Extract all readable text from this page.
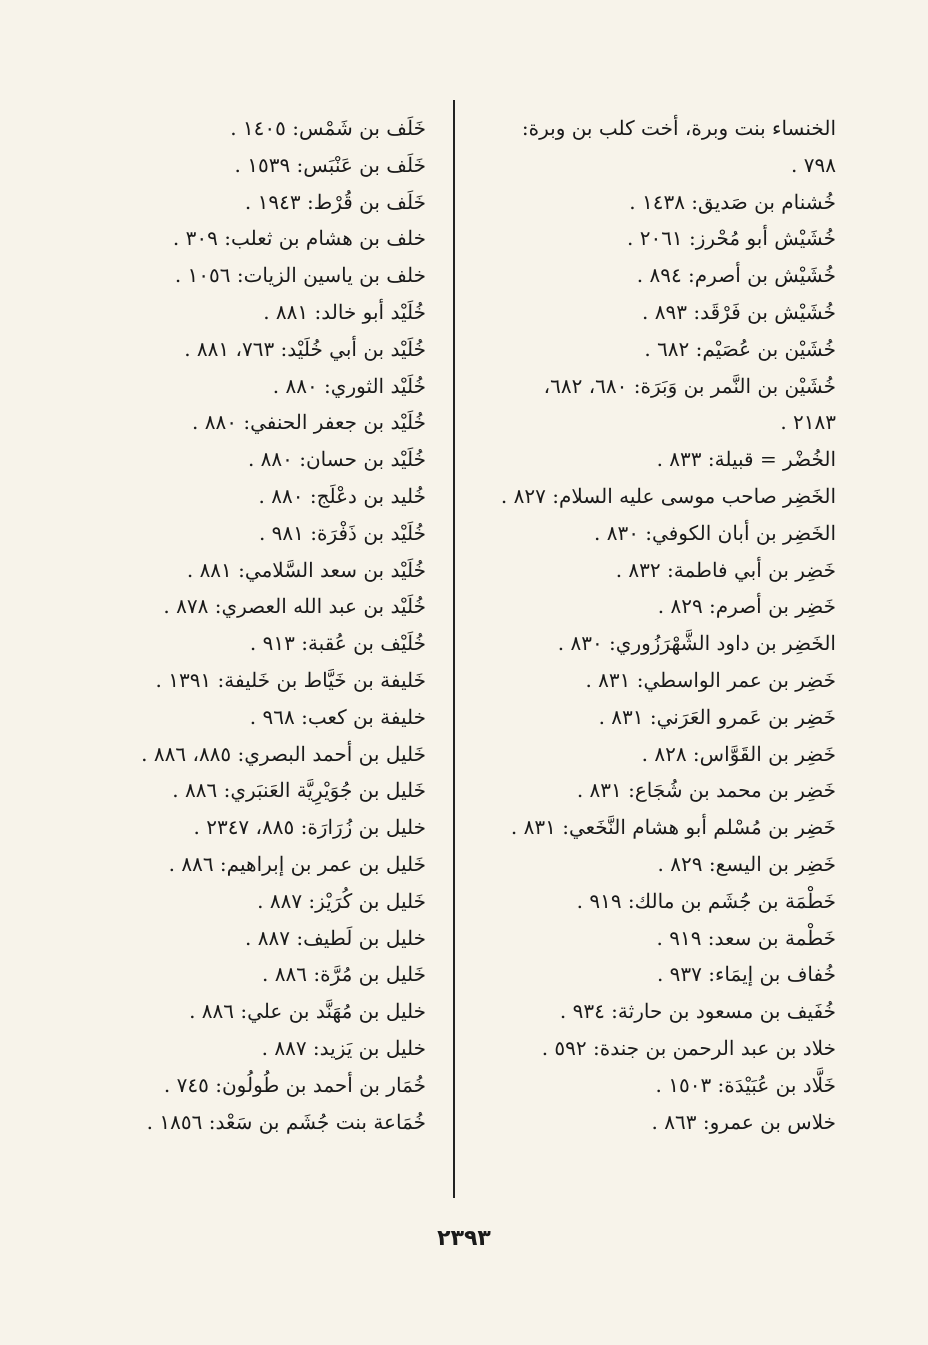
الخنساء بنت وبرة، أخت كلب بن وبرة:
٧٩٨ .
خُشنام بن صَديق: ١٤٣٨ .
خُشَيْش أبو مُحْرز: ٢٠٦١ .
خُشَيْش بن أصرم: ٨٩٤ .
خُشَيْش بن فَرْقَد: ٨٩٣ .
خُشَيْن بن عُصَيْم: ٦٨٢ .
خُشَيْن بن النَّمر بن وَبَرَة: ٦٨٠، ٦٨٢،
٢١٨٣ .
الخُضْر = قبيلة: ٨٣٣ .
الخَضِر صاحب موسى عليه السلام: ٨٢٧ .
الخَضِر بن أبان الكوفي: ٨٣٠ .
خَضِر بن أبي فاطمة: ٨٣٢ .
خَضِر بن أصرم: ٨٢٩ .
الخَضِر بن داود الشَّهْرَزُوري: ٨٣٠ .
خَضِر بن عمر الواسطي: ٨٣١ .
خَضِر بن عَمرو العَرَني: ٨٣١ .
خَضِر بن القَوَّاس: ٨٢٨ .
خَضِر بن محمد بن شُجَاع: ٨٣١ .
خَضِر بن مُسْلم أبو هشام النَّخَعي: ٨٣١ .
خَضِر بن اليسع: ٨٢٩ .
خَطْمَة بن جُشَم بن مالك: ٩١٩ .
خَطْمة بن سعد: ٩١٩ .
خُفاف بن إيمَاء: ٩٣٧ .
خُفَيف بن مسعود بن حارثة: ٩٣٤ .
خلاد بن عبد الرحمن بن جندة: ٥٩٢ .
خَلَّاد بن عُبَيْدَة: ١٥٠٣ .
خلاس بن عمرو: ٨٦٣ .
خَلَف بن شَمْس: ١٤٠٥ .
خَلَف بن عَنْبَس: ١٥٣٩ .
خَلَف بن قُرْط: ١٩٤٣ .
خلف بن هشام بن ثعلب: ٣٠٩ .
خلف بن ياسين الزيات: ١٠٥٦ .
خُلَيْد أبو خالد: ٨٨١ .
خُلَيْد بن أبي خُلَيْد: ٧٦٣، ٨٨١ .
خُلَيْد الثوري: ٨٨٠ .
خُلَيْد بن جعفر الحنفي: ٨٨٠ .
خُلَيْد بن حسان: ٨٨٠ .
خُليد بن دعْلَج: ٨٨٠ .
خُلَيْد بن ذَفْرَة: ٩٨١ .
خُلَيْد بن سعد السَّلامي: ٨٨١ .
خُلَيْد بن عبد الله العصري: ٨٧٨ .
خُلَيْف بن عُقبة: ٩١٣ .
خَليفة بن خَيَّاط بن خَليفة: ١٣٩١ .
خليفة بن كعب: ٩٦٨ .
خَليل بن أحمد البصري: ٨٨٥، ٨٨٦ .
خَليل بن جُوَيْرِيَّة العَنبَري: ٨٨٦ .
خليل بن زُرَارَة: ٨٨٥، ٢٣٤٧ .
خَليل بن عمر بن إبراهيم: ٨٨٦ .
خَليل بن كُرَيْز: ٨٨٧ .
خليل بن لَطيف: ٨٨٧ .
خَليل بن مُرَّة: ٨٨٦ .
خليل بن مُهَنَّد بن علي: ٨٨٦ .
خليل بن يَزيد: ٨٨٧ .
خُمَار بن أحمد بن طُولُون: ٧٤٥ .
خُمَاعة بنت جُشَم بن سَعْد: ١٨٥٦ .
٢٣٩٣
